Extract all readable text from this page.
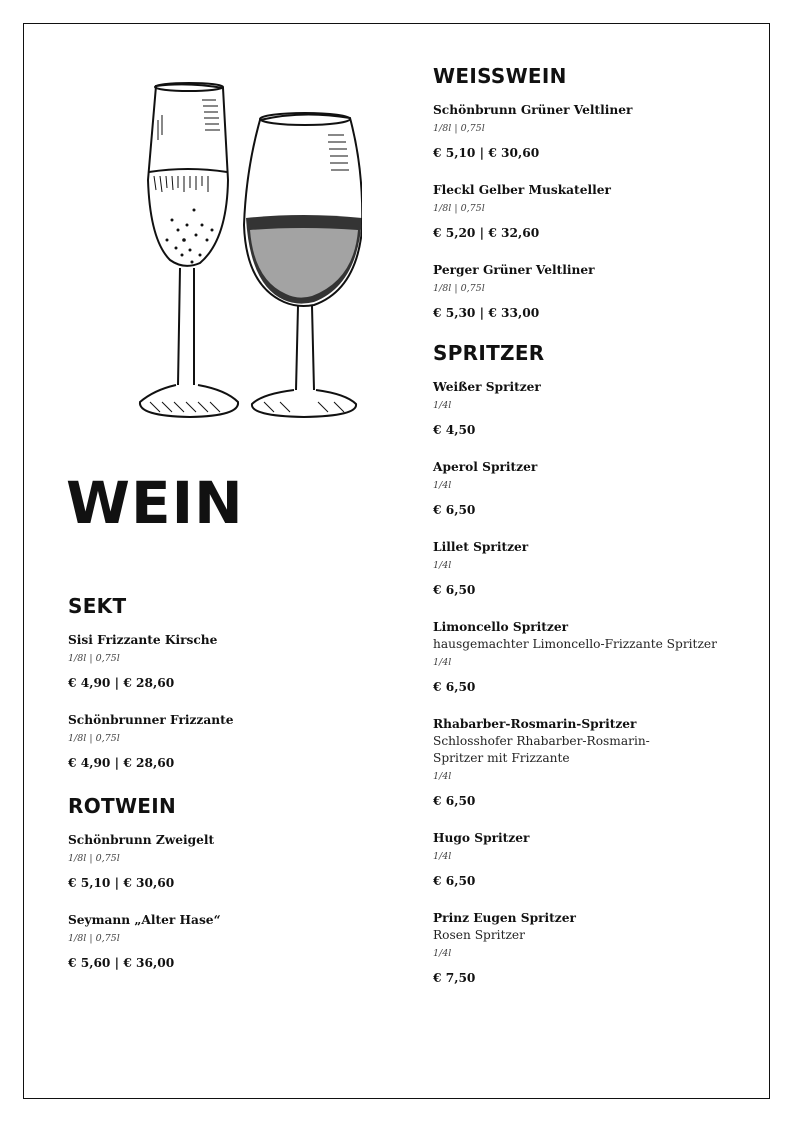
WEIN
SEKT
Sisi Frizzante Kirsche
1/8l | 0,75l
€ 4,90 | € 28,60
Schönbrunner Frizzante
1/8l | 0,75l
€ 4,90 | € 28,60
ROTWEIN
Schönbrunn Zweigelt
1/8l | 0,75l
€ 5,10 | € 30,60
Seymann „Alter Hase“
1/8l | 0,75l
€ 5,60 | € 36,00
WEISSWEIN
Schönbrunn Grüner Veltliner
1/8l | 0,75l
€ 5,10 | € 30,60
Fleckl Gelber Muskateller
1/8l | 0,75l
€ 5,20 | € 32,60
Perger Grüner Veltliner
1/8l | 0,75l
€ 5,30 | € 33,00
SPRITZER
Weißer Spritzer
1/4l
€ 4,50
Aperol Spritzer
1/4l
€ 6,50
Lillet Spritzer
1/4l
€ 6,50
Limoncello Spritzer
hausgemachter Limoncello-Frizzante Spritzer
1/4l
€ 6,50
Rhabarber-Rosmarin-Spritzer
Schlosshofer Rhabarber-Rosmarin-Spritzer mit Frizzante
1/4l
€ 6,50
Hugo Spritzer
1/4l
€ 6,50
Prinz Eugen Spritzer
Rosen Spritzer
1/4l
€ 7,50
